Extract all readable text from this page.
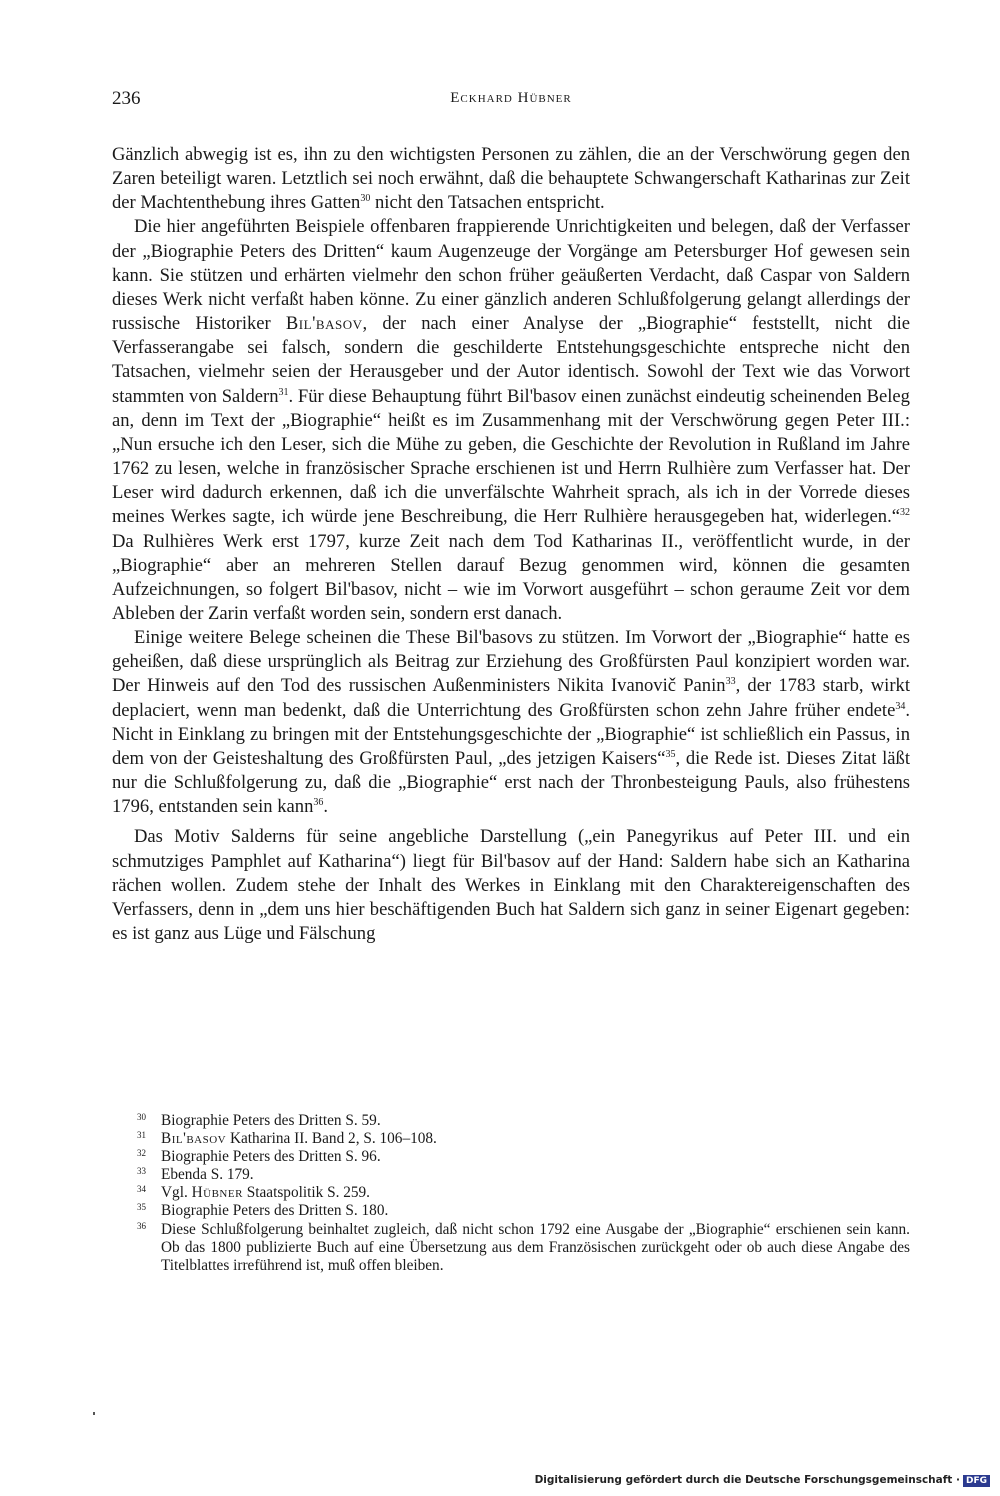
236	Eckhard Hübner

Gänzlich abwegig ist es, ihn zu den wichtigsten Personen zu zählen, die an der Verschwörung gegen den Zaren beteiligt waren. Letztlich sei noch erwähnt, daß die behauptete Schwangerschaft Katharinas zur Zeit der Machtenthebung ihres Gatten$^{30}$ nicht den Tatsachen entspricht.

Die hier angeführten Beispiele offenbaren frappierende Unrichtigkeiten und belegen, daß der Verfasser der „Biographie Peters des Dritten“ kaum Augenzeuge der Vorgänge am Petersburger Hof gewesen sein kann. Sie stützen und erhärten vielmehr den schon früher geäußerten Verdacht, daß Caspar von Saldern dieses Werk nicht verfaßt haben könne. Zu einer gänzlich anderen Schlußfolgerung gelangt allerdings der russische Historiker Bil'basov, der nach einer Analyse der „Biographie“ feststellt, nicht die Verfasserangabe sei falsch, sondern die geschilderte Entstehungsgeschichte entspreche nicht den Tatsachen, vielmehr seien der Herausgeber und der Autor identisch. Sowohl der Text wie das Vorwort stammten von Saldern$^{31}$. Für diese Behauptung führt Bil'basov einen zunächst eindeutig scheinenden Beleg an, denn im Text der „Biographie“ heißt es im Zusammenhang mit der Verschwörung gegen Peter III.: „Nun ersuche ich den Leser, sich die Mühe zu geben, die Geschichte der Revolution in Rußland im Jahre 1762 zu lesen, welche in französischer Sprache erschienen ist und Herrn Rulhière zum Verfasser hat. Der Leser wird dadurch erkennen, daß ich die unverfälschte Wahrheit sprach, als ich in der Vorrede dieses meines Werkes sagte, ich würde jene Beschreibung, die Herr Rulhière herausgegeben hat, widerlegen.“$^{32}$ Da Rulhières Werk erst 1797, kurze Zeit nach dem Tod Katharinas II., veröffentlicht wurde, in der „Biographie“ aber an mehreren Stellen darauf Bezug genommen wird, können die gesamten Aufzeichnungen, so folgert Bil'basov, nicht – wie im Vorwort ausgeführt – schon geraume Zeit vor dem Ableben der Zarin verfaßt worden sein, sondern erst danach.

Einige weitere Belege scheinen die These Bil'basovs zu stützen. Im Vorwort der „Biographie“ hatte es geheißen, daß diese ursprünglich als Beitrag zur Erziehung des Großfürsten Paul konzipiert worden war. Der Hinweis auf den Tod des russischen Außenministers Nikita Ivanovič Panin$^{33}$, der 1783 starb, wirkt deplaciert, wenn man bedenkt, daß die Unterrichtung des Großfürsten schon zehn Jahre früher endete$^{34}$. Nicht in Einklang zu bringen mit der Entstehungsgeschichte der „Biographie“ ist schließlich ein Passus, in dem von der Geisteshaltung des Großfürsten Paul, „des jetzigen Kaisers“$^{35}$, die Rede ist. Dieses Zitat läßt nur die Schlußfolgerung zu, daß die „Biographie“ erst nach der Thronbesteigung Pauls, also frühestens 1796, entstanden sein kann$^{36}$.

Das Motiv Salderns für seine angebliche Darstellung („ein Panegyrikus auf Peter III. und ein schmutziges Pamphlet auf Katharina“) liegt für Bil'basov auf der Hand: Saldern habe sich an Katharina rächen wollen. Zudem stehe der Inhalt des Werkes in Einklang mit den Charaktereigenschaften des Verfassers, denn in „dem uns hier beschäftigenden Buch hat Saldern sich ganz in seiner Eigenart gegeben: es ist ganz aus Lüge und Fälschung

$^{30}$ Biographie Peters des Dritten S. 59.
$^{31}$ Bil'basov Katharina II. Band 2, S. 106–108.
$^{32}$ Biographie Peters des Dritten S. 96.
$^{33}$ Ebenda S. 179.
$^{34}$ Vgl. Hübner Staatspolitik S. 259.
$^{35}$ Biographie Peters des Dritten S. 180.
$^{36}$ Diese Schlußfolgerung beinhaltet zugleich, daß nicht schon 1792 eine Ausgabe der „Biographie“ erschienen sein kann. Ob das 1800 publizierte Buch auf eine Übersetzung aus dem Französischen zurückgeht oder ob auch diese Angabe des Titelblattes irreführend ist, muß offen bleiben.
Digitalisierung gefördert durch die Deutsche Forschungsgemeinschaft · DFG
